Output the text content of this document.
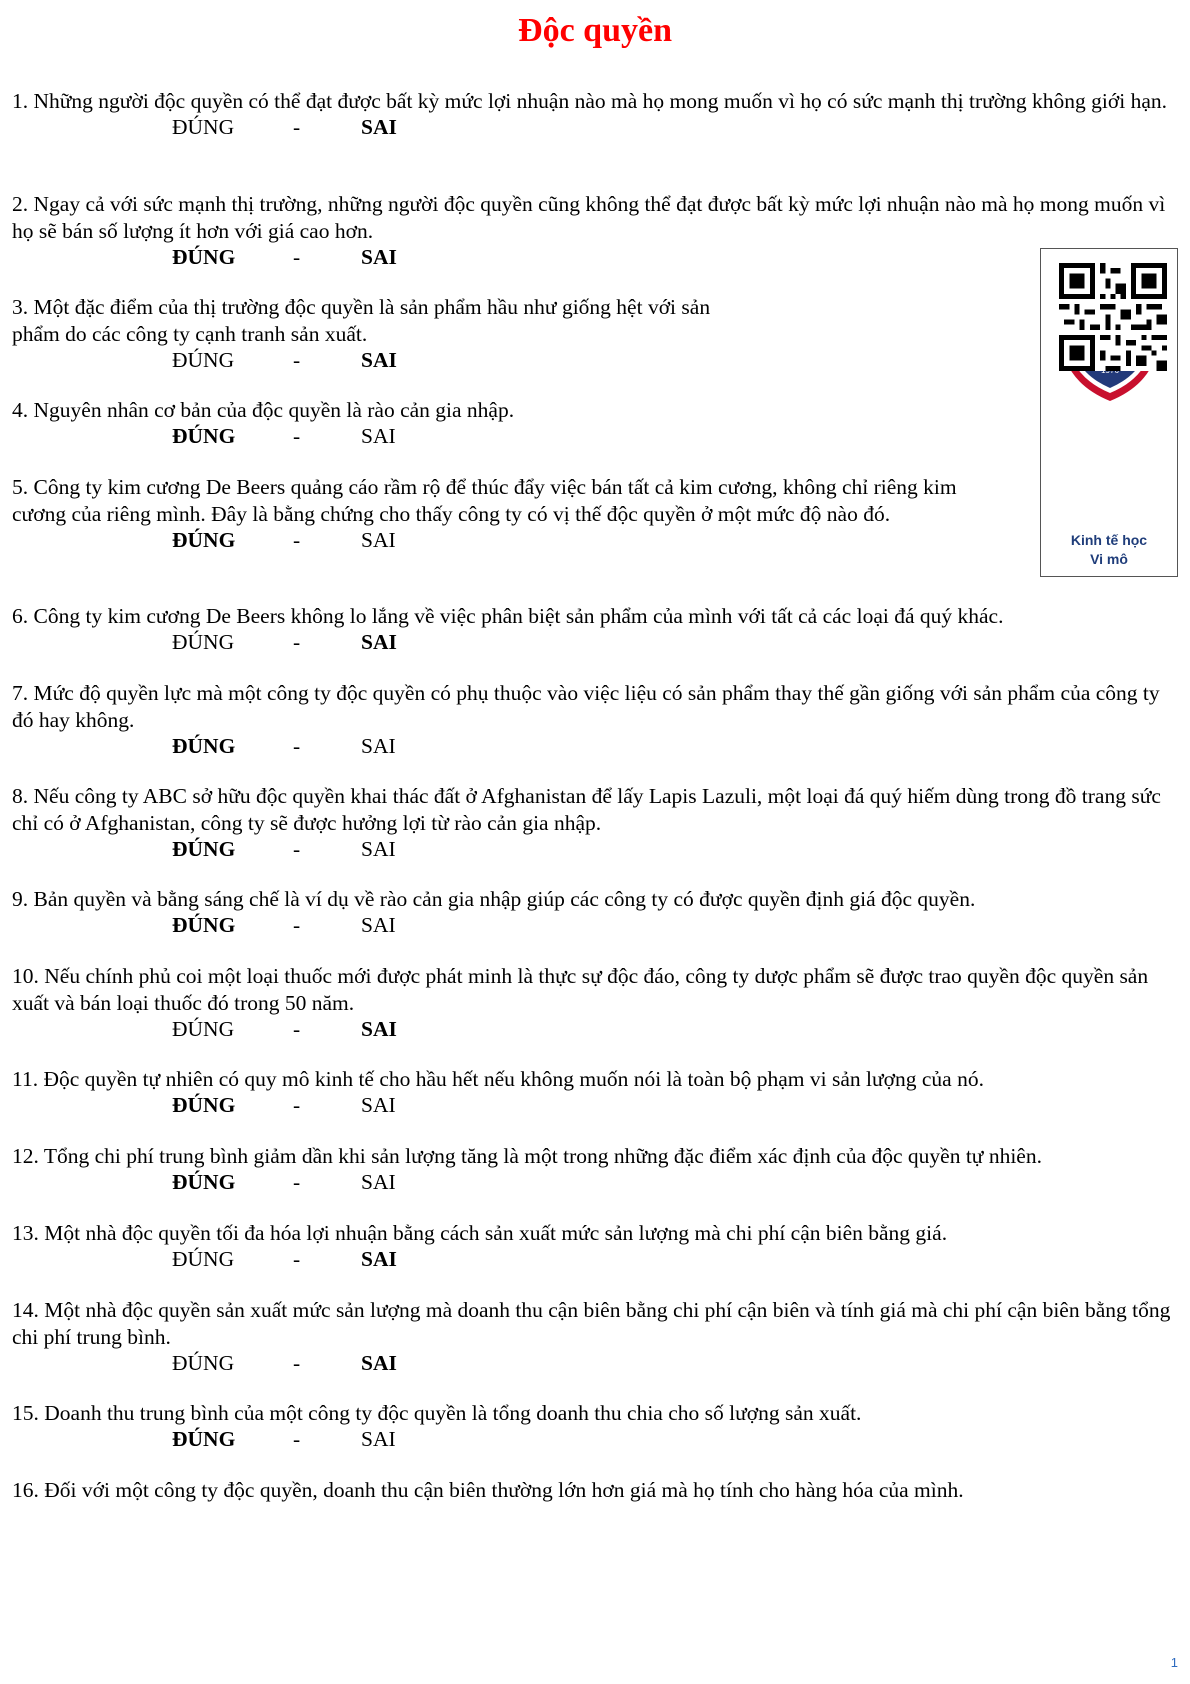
Độc quyền
1. Những người độc quyền có thể đạt được bất kỳ mức lợi nhuận nào mà họ mong muốn vì họ có sức mạnh thị trường không giới hạn.
ĐÚNG	-	SAI
2. Ngay cả với sức mạnh thị trường, những người độc quyền cũng không thể đạt được bất kỳ mức lợi nhuận nào mà họ mong muốn vì họ sẽ bán số lượng ít hơn với giá cao hơn.
ĐÚNG	-	SAI
3. Một đặc điểm của thị trường độc quyền là sản phẩm hầu như giống hệt với sản phẩm do các công ty cạnh tranh sản xuất.
ĐÚNG	-	SAI
4. Nguyên nhân cơ bản của độc quyền là rào cản gia nhập.
ĐÚNG	-	SAI
5. Công ty kim cương De Beers quảng cáo rầm rộ để thúc đẩy việc bán tất cả kim cương, không chỉ riêng kim cương của riêng mình. Đây là bằng chứng cho thấy công ty có vị thế độc quyền ở một mức độ nào đó.
ĐÚNG	-	SAI
6. Công ty kim cương De Beers không lo lắng về việc phân biệt sản phẩm của mình với tất cả các loại đá quý khác.
ĐÚNG	-	SAI
7. Mức độ quyền lực mà một công ty độc quyền có phụ thuộc vào việc liệu có sản phẩm thay thế gần giống với sản phẩm của công ty đó hay không.
ĐÚNG	-	SAI
8. Nếu công ty ABC sở hữu độc quyền khai thác đất ở Afghanistan để lấy Lapis Lazuli, một loại đá quý hiếm dùng trong đồ trang sức chỉ có ở Afghanistan, công ty sẽ được hưởng lợi từ rào cản gia nhập.
ĐÚNG	-	SAI
9. Bản quyền và bằng sáng chế là ví dụ về rào cản gia nhập giúp các công ty có được quyền định giá độc quyền.
ĐÚNG	-	SAI
10. Nếu chính phủ coi một loại thuốc mới được phát minh là thực sự độc đáo, công ty dược phẩm sẽ được trao quyền độc quyền sản xuất và bán loại thuốc đó trong 50 năm.
ĐÚNG	-	SAI
11. Độc quyền tự nhiên có quy mô kinh tế cho hầu hết nếu không muốn nói là toàn bộ phạm vi sản lượng của nó.
ĐÚNG	-	SAI
12. Tổng chi phí trung bình giảm dần khi sản lượng tăng là một trong những đặc điểm xác định của độc quyền tự nhiên.
ĐÚNG	-	SAI
13. Một nhà độc quyền tối đa hóa lợi nhuận bằng cách sản xuất mức sản lượng mà chi phí cận biên bằng giá.
ĐÚNG	-	SAI
14. Một nhà độc quyền sản xuất mức sản lượng mà doanh thu cận biên bằng chi phí cận biên và tính giá mà chi phí cận biên bằng tổng chi phí trung bình.
ĐÚNG	-	SAI
15. Doanh thu trung bình của một công ty độc quyền là tổng doanh thu chia cho số lượng sản xuất.
ĐÚNG	-	SAI
16. Đối với một công ty độc quyền, doanh thu cận biên thường lớn hơn giá mà họ tính cho hàng hóa của mình.
Kinh tế học
Vi mô
1
